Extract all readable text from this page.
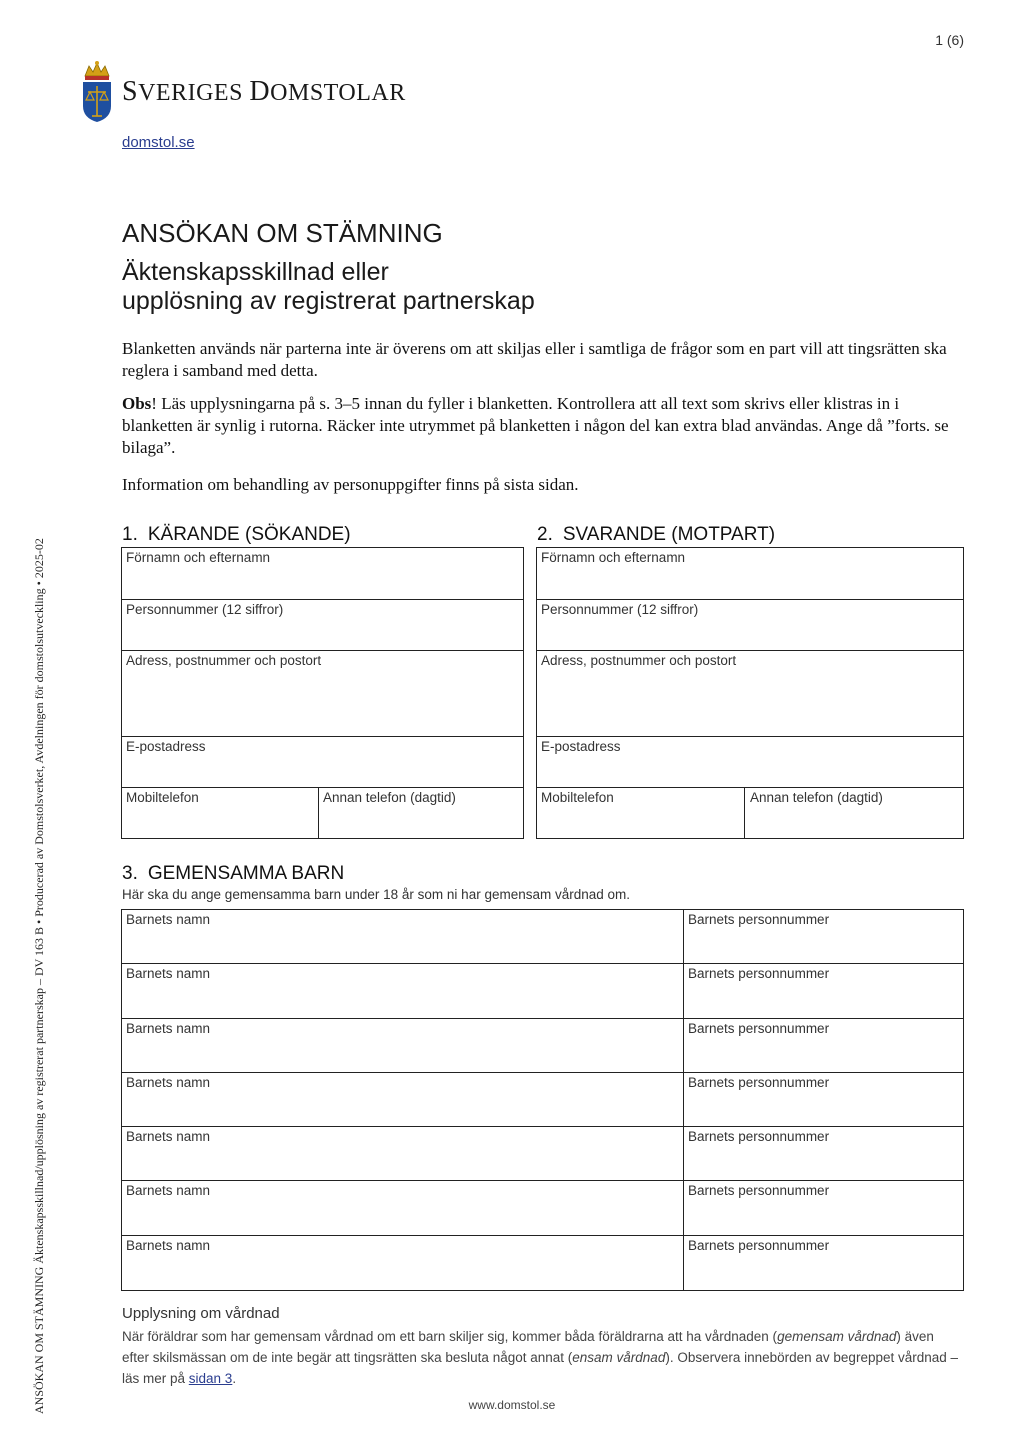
1 (6)
SVERIGES DOMSTOLAR
domstol.se
ANSÖKAN OM STÄMNING
Äktenskapsskillnad eller
upplösning av registrerat partnerskap

Blanketten används när parterna inte är överens om att skiljas eller i samtliga de frågor som en part vill att tingsrätten ska reglera i samband med detta.

Obs! Läs upplysningarna på s. 3–5 innan du fyller i blanketten. Kontrollera att all text som skrivs eller klistras in i blanketten är synlig i rutorna. Räcker inte utrymmet på blanketten i någon del kan extra blad användas. Ange då ”forts. se bilaga”.

Information om behandling av personuppgifter finns på sista sidan.

1. KÄRANDE (SÖKANDE)
Förnamn och efternamn
Personnummer (12 siffror)
Adress, postnummer och postort
E-postadress
Mobiltelefon	Annan telefon (dagtid)
2. SVARANDE (MOTPART)
Förnamn och efternamn
Personnummer (12 siffror)
Adress, postnummer och postort
E-postadress
Mobiltelefon	Annan telefon (dagtid)
3. GEMENSAMMA BARN
Här ska du ange gemensamma barn under 18 år som ni har gemensam vårdnad om.
Barnets namn	Barnets personnummer
Barnets namn	Barnets personnummer
Barnets namn	Barnets personnummer
Barnets namn	Barnets personnummer
Barnets namn	Barnets personnummer
Barnets namn	Barnets personnummer
Barnets namn	Barnets personnummer
Upplysning om vårdnad

När föräldrar som har gemensam vårdnad om ett barn skiljer sig, kommer båda föräldrarna att ha vårdnaden (gemensam vårdnad) även efter skilsmässan om de inte begär att tingsrätten ska besluta något annat (ensam vårdnad). Observera innebörden av begreppet vårdnad – läs mer på sidan 3.

www.domstol.se
ANSÖKAN OM STÄMNING Äktenskapsskillnad/upplösning av registrerat partnerskap – DV 163 B • Producerad av Domstolsverket, Avdelningen för domstolsutveckling • 2025-02
